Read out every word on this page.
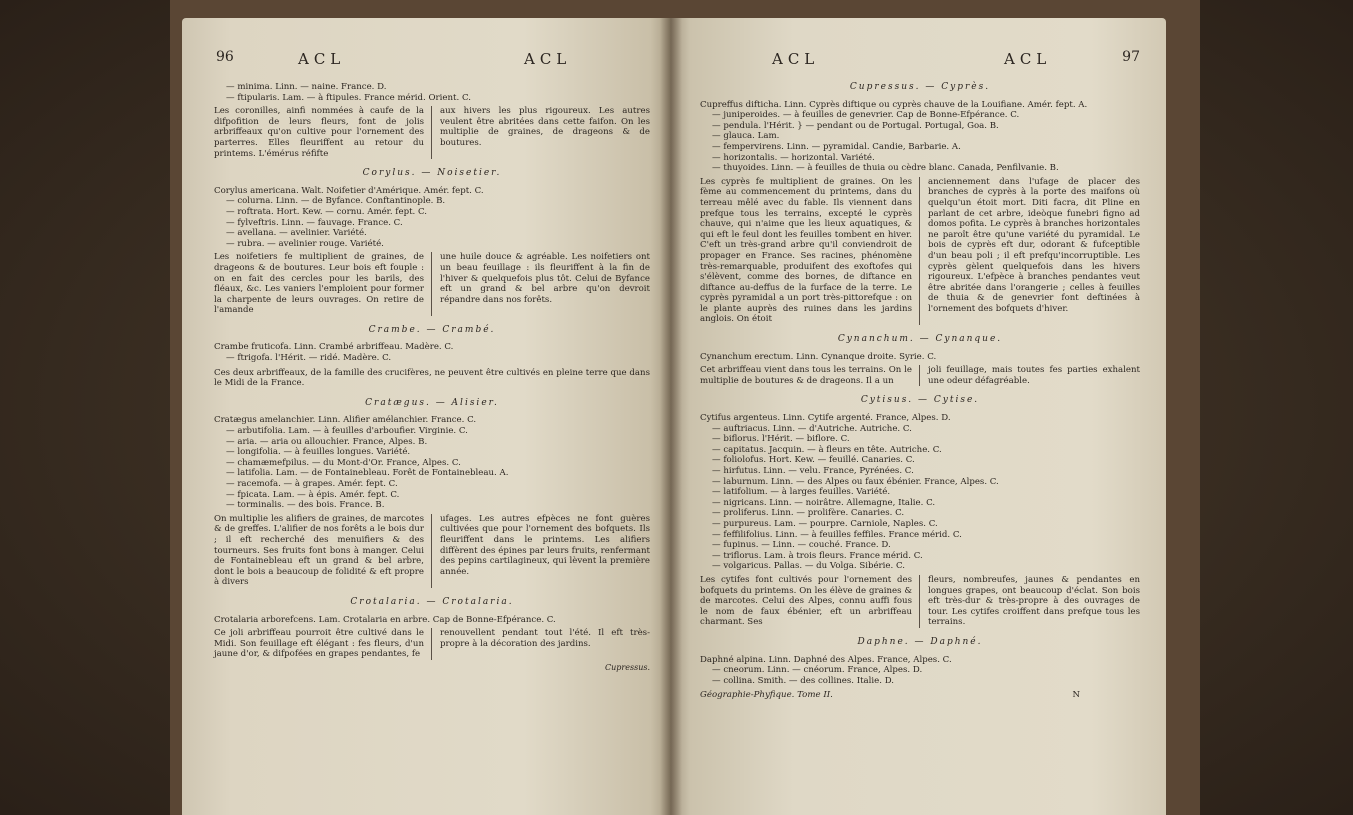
96	ACL	ACL
— minima. Linn. — naine. France. D.
— ftipularis. Lam. — à ftipules. France mérid. Orient. C.
Les coronilles, ainfi nommées à caufe de la difpofition de leurs fleurs, font de jolis arbriffeaux qu'on cultive pour l'ornement des parterres. Elles fleuriffent au retour du printems. L'émérus réfifte
aux hivers les plus rigoureux. Les autres veulent être abritées dans cette faifon. On les multiplie de graines, de drageons & de boutures.
Corylus. — Noisetier.
Corylus americana. Walt. Noifetier d'Amérique. Amér. fept. C.
— colurna. Linn. — de Byfance. Conftantinople. B.
— roftrata. Hort. Kew. — cornu. Amér. fept. C.
— fylveftris. Linn. — fauvage. France. C.
— avellana. — avelinier. Variété.
— rubra. — avelinier rouge. Variété.
Les noifetiers fe multiplient de graines, de drageons & de boutures. Leur bois eft fouple : on en fait des cercles pour les barils, des fléaux, &c. Les vaniers l'emploient pour former la charpente de leurs ouvrages. On retire de l'amande
une huile douce & agréable. Les noifetiers ont un beau feuillage : ils fleuriffent à la fin de l'hiver & quelquefois plus tôt. Celui de Byfance eft un grand & bel arbre qu'on devroit répandre dans nos forêts.
Crambe. — Crambé.
Crambe fruticofa. Linn. Crambé arbriffeau. Madère. C.
— ftrigofa. l'Hérit. — ridé. Madère. C.
Ces deux arbriffeaux, de la famille des crucifères, ne peuvent être cultivés en pleine terre que dans le Midi de la France.
Cratægus. — Alisier.
Cratægus amelanchier. Linn. Alifier amélanchier. France. C.
— arbutifolia. Lam. — à feuilles d'arboufier. Virginie. C.
— aria. — aria ou allouchier. France, Alpes. B.
— longifolia. — à feuilles longues. Variété.
— chamæmefpilus. — du Mont-d'Or. France, Alpes. C.
— latifolia. Lam. — de Fontainebleau. Forêt de Fontainebleau. A.
— racemofa. — à grapes. Amér. fept. C.
— fpicata. Lam. — à épis. Amér. fept. C.
— torminalis. — des bois. France. B.
On multiplie les alifiers de graines, de marcotes & de greffes. L'alifier de nos forêts a le bois dur ; il eft recherché des menuifiers & des tourneurs. Ses fruits font bons à manger. Celui de Fontainebleau eft un grand & bel arbre, dont le bois a beaucoup de folidité & eft propre à divers
ufages. Les autres efpèces ne font guères cultivées que pour l'ornement des bofquets. Ils fleuriffent dans le printems. Les alifiers diffèrent des épines par leurs fruits, renfermant des pepins cartilagineux, qui lèvent la première année.
Crotalaria. — Crotalaria.
Crotalaria arborefcens. Lam. Crotalaria en arbre. Cap de Bonne-Efpérance. C.
Ce joli arbriffeau pourroit être cultivé dans le Midi. Son feuillage eft élégant : fes fleurs, d'un jaune d'or, & difpofées en grapes pendantes, fe
renouvellent pendant tout l'été. Il eft très-propre à la décoration des jardins.
Cupressus.
ACL	ACL	97
Cupressus. — Cyprès.
Cupreffus difticha. Linn. Cyprès diftique ou cyprès chauve de la Louifiane. Amér. fept. A.
— juniperoides. — à feuilles de genevrier. Cap de Bonne-Efpérance. C.
— pendula. l'Hérit. } — pendant ou de Portugal. Portugal, Goa. B.
— glauca. Lam.
— fempervirens. Linn. — pyramidal. Candie, Barbarie. A.
— horizontalis. — horizontal. Variété.
— thuyoides. Linn. — à feuilles de thuia ou cèdre blanc. Canada, Penfilvanie. B.
Les cyprès fe multiplient de graines. On les fème au commencement du printems, dans du terreau mêlé avec du fable. Ils viennent dans prefque tous les terrains, excepté le cyprès chauve, qui n'aime que les lieux aquatiques, & qui eft le feul dont les feuilles tombent en hiver. C'eft un très-grand arbre qu'il conviendroit de propager en France. Ses racines, phénomène très-remarquable, produifent des exoftofes qui s'élèvent, comme des bornes, de diftance en diftance au-deffus de la furface de la terre. Le cyprès pyramidal a un port très-pittorefque : on le plante auprès des ruines dans les jardins anglois. On étoit
anciennement dans l'ufage de placer des branches de cyprès à la porte des maifons où quelqu'un étoit mort. Diti facra, dit Pline en parlant de cet arbre, ideòque funebri figno ad domos pofita. Le cyprès à branches horizontales ne paroît être qu'une variété du pyramidal. Le bois de cyprès eft dur, odorant & fufceptible d'un beau poli ; il eft prefqu'incorruptible. Les cyprès gèlent quelquefois dans les hivers rigoureux. L'efpèce à branches pendantes veut être abritée dans l'orangerie ; celles à feuilles de thuia & de genevrier font deftinées à l'ornement des bofquets d'hiver.
Cynanchum. — Cynanque.
Cynanchum erectum. Linn. Cynanque droite. Syrie. C.
Cet arbriffeau vient dans tous les terrains. On le multiplie de boutures & de drageons. Il a un
joli feuillage, mais toutes fes parties exhalent une odeur défagréable.
Cytisus. — Cytise.
Cytifus argenteus. Linn. Cytife argenté. France, Alpes. D.
— auftriacus. Linn. — d'Autriche. Autriche. C.
— biflorus. l'Hérit. — biflore. C.
— capitatus. Jacquin. — à fleurs en tête. Autriche. C.
— foliolofus. Hort. Kew. — feuillé. Canaries. C.
— hirfutus. Linn. — velu. France, Pyrénées. C.
— laburnum. Linn. — des Alpes ou faux ébénier. France, Alpes. C.
— latifolium. — à larges feuilles. Variété.
— nigricans. Linn. — noirâtre. Allemagne, Italie. C.
— proliferus. Linn. — prolifère. Canaries. C.
— purpureus. Lam. — pourpre. Carniole, Naples. C.
— feffilifolius. Linn. — à feuilles feffiles. France mérid. C.
— fupinus. — Linn. — couché. France. D.
— triflorus. Lam. à trois fleurs. France mérid. C.
— volgaricus. Pallas. — du Volga. Sibérie. C.
Les cytifes font cultivés pour l'ornement des bofquets du printems. On les élève de graines & de marcotes. Celui des Alpes, connu auffi fous le nom de faux ébénier, eft un arbriffeau charmant. Ses
fleurs, nombreufes, jaunes & pendantes en longues grapes, ont beaucoup d'éclat. Son bois eft très-dur & très-propre à des ouvrages de tour. Les cytifes croiffent dans prefque tous les terrains.
Daphne. — Daphné.
Daphné alpina. Linn. Daphné des Alpes. France, Alpes. C.
— cneorum. Linn. — cnéorum. France, Alpes. D.
— collina. Smith. — des collines. Italie. D.
Géographie-Phyfique. Tome II.	N
